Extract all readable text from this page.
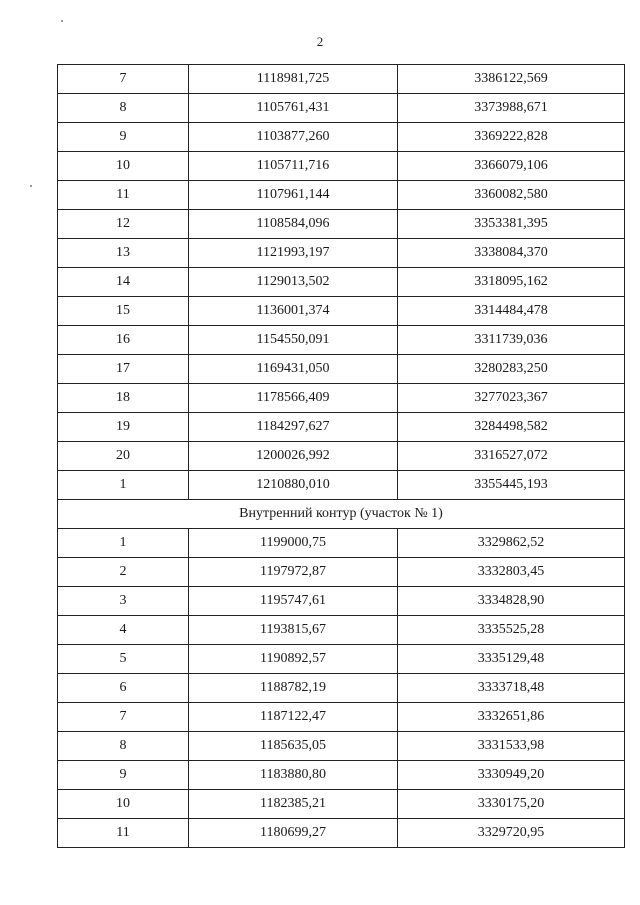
2
7	1118981,725	3386122,569
8	1105761,431	3373988,671
9	1103877,260	3369222,828
10	1105711,716	3366079,106
11	1107961,144	3360082,580
12	1108584,096	3353381,395
13	1121993,197	3338084,370
14	1129013,502	3318095,162
15	1136001,374	3314484,478
16	1154550,091	3311739,036
17	1169431,050	3280283,250
18	1178566,409	3277023,367
19	1184297,627	3284498,582
20	1200026,992	3316527,072
1	1210880,010	3355445,193
Внутренний контур (участок № 1)		
1	1199000,75	3329862,52
2	1197972,87	3332803,45
3	1195747,61	3334828,90
4	1193815,67	3335525,28
5	1190892,57	3335129,48
6	1188782,19	3333718,48
7	1187122,47	3332651,86
8	1185635,05	3331533,98
9	1183880,80	3330949,20
10	1182385,21	3330175,20
11	1180699,27	3329720,95
